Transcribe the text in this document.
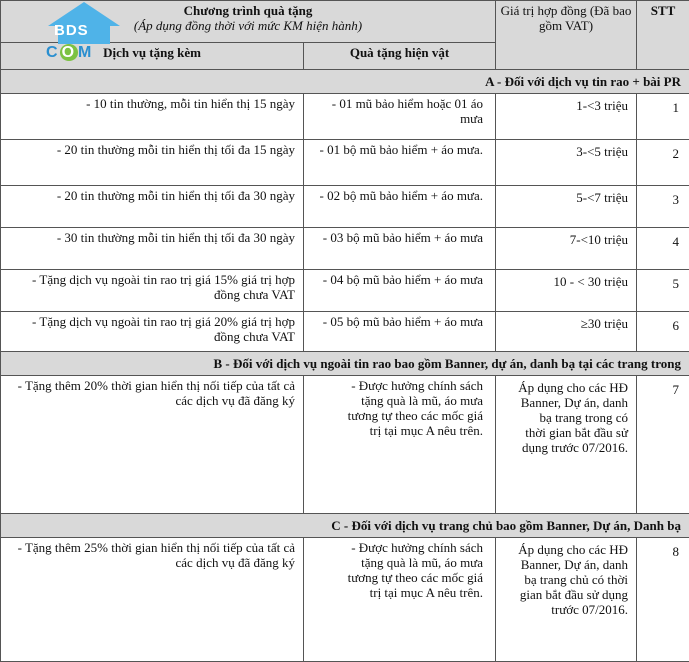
Chương trình quà tặng
(Áp dụng đồng thời với mức KM hiện hành)		Giá trị hợp đồng (Đã bao gồm VAT)	STT
Dịch vụ tặng kèm	Quà tặng hiện vật		
A - Đối với dịch vụ tin rao + bài PR			
- 10 tin thường, mỗi tin hiển thị 15 ngày	- 01 mũ bảo hiểm hoặc 01 áo mưa	1-<3 triệu	1
- 20 tin thường mỗi tin hiển thị tối đa 15 ngày	- 01 bộ mũ bảo hiểm + áo mưa.	3-<5 triệu	2
- 20 tin thường mỗi tin hiển thị tối đa 30 ngày	- 02 bộ mũ bảo hiểm + áo mưa.	5-<7 triệu	3
- 30 tin thường mỗi tin hiển thị tối đa 30 ngày	- 03 bộ mũ bảo hiểm + áo mưa	7-<10 triệu	4
- Tặng dịch vụ ngoài tin rao trị giá 15% giá trị hợp đồng chưa VAT	- 04 bộ mũ bảo hiểm + áo mưa	10 - < 30 triệu	5
- Tặng dịch vụ ngoài tin rao trị giá 20% giá trị hợp đồng chưa VAT	- 05 bộ mũ bảo hiểm + áo mưa	≥30 triệu	6
B - Đối với dịch vụ ngoài tin rao bao gồm Banner, dự án, danh bạ tại các trang trong			
- Tặng thêm 20% thời gian hiển thị nối tiếp của tất cả các dịch vụ đã đăng ký	- Được hưởng chính sách tặng quà là mũ, áo mưa tương tự theo các mốc giá trị tại mục A nêu trên.	Áp dụng cho các HĐ Banner, Dự án, danh bạ trang trong có thời gian bắt đầu sử dụng trước 07/2016.	7
C - Đối với dịch vụ trang chủ bao gồm Banner, Dự án, Danh bạ			
- Tặng thêm 25% thời gian hiển thị nối tiếp của tất cả các dịch vụ đã đăng ký	- Được hưởng chính sách tặng quà là mũ, áo mưa tương tự theo các mốc giá trị tại mục A nêu trên.	Áp dụng cho các HĐ Banner, Dự án, danh bạ trang chủ có thời gian bắt đầu sử dụng trước 07/2016.	8
BDS
C O M
